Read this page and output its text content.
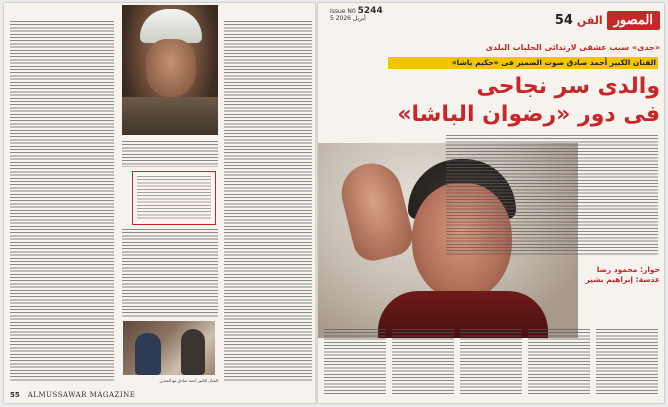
الفنان الكبير أحمد صادق مع المحرر
55 ALMUSSAWAR MAGAZINE
Issue N0 5244
5 أبريل 2026	54 الفن المصور
«جدى» سبب عشقى لارتدائى الجلباب البلدى
الفنان الكبير أحمد صادق صوت الضمير فى «حكيم باشا»
والدى سر نجاحى
فى دور «رضوان الباشا»
حوار: محمود رضا
عدسة: إبراهيم بشير
